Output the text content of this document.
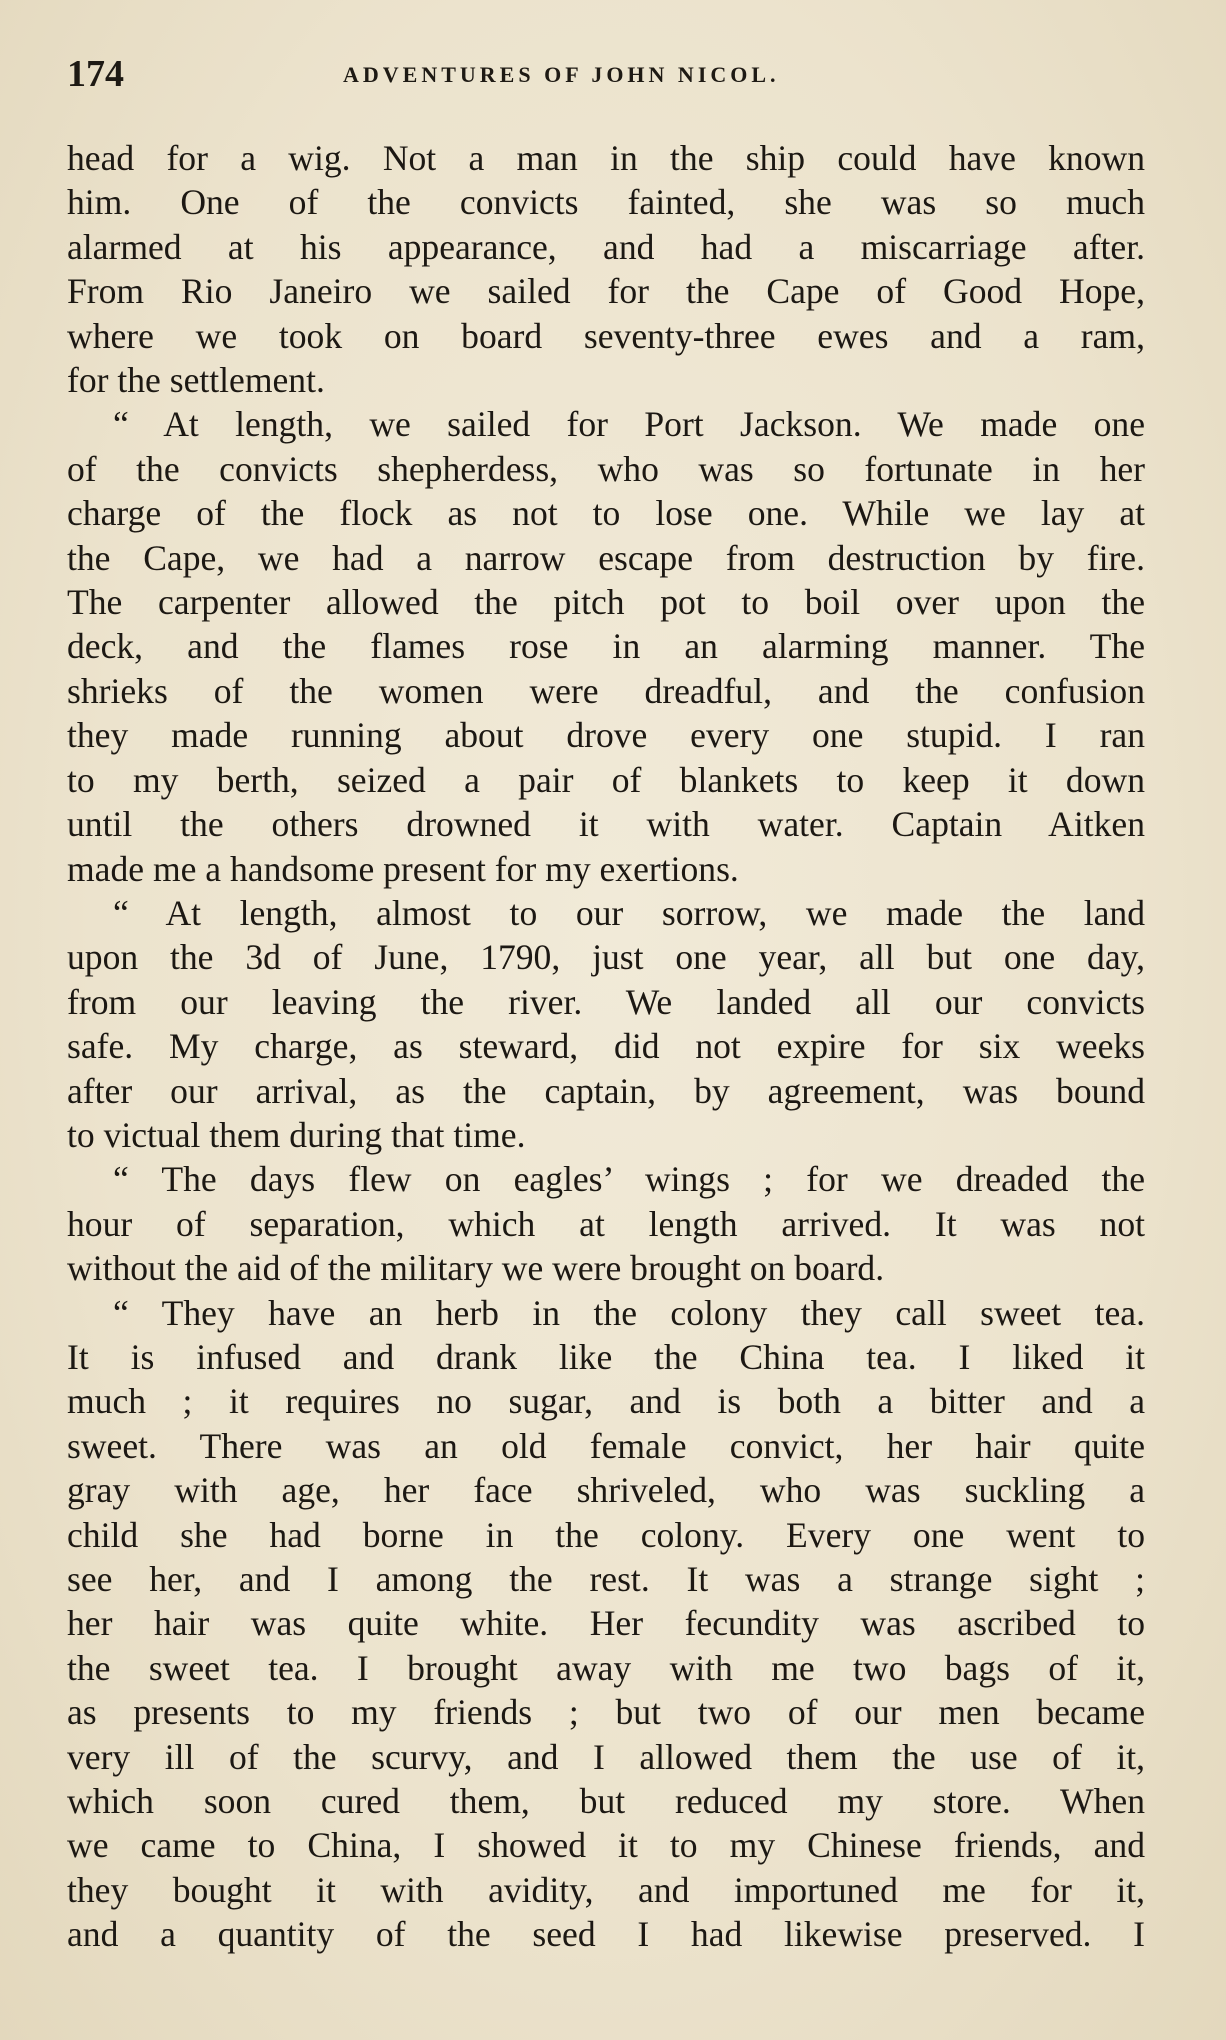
174	ADVENTURES OF JOHN NICOL.
head for a wig. Not a man in the ship could have known
him. One of the convicts fainted, she was so much
alarmed at his appearance, and had a miscarriage after.
From Rio Janeiro we sailed for the Cape of Good Hope,
where we took on board seventy-three ewes and a ram,
for the settlement.
“ At length, we sailed for Port Jackson. We made one
of the convicts shepherdess, who was so fortunate in her
charge of the flock as not to lose one. While we lay at
the Cape, we had a narrow escape from destruction by fire.
The carpenter allowed the pitch pot to boil over upon the
deck, and the flames rose in an alarming manner. The
shrieks of the women were dreadful, and the confusion
they made running about drove every one stupid. I ran
to my berth, seized a pair of blankets to keep it down
until the others drowned it with water. Captain Aitken
made me a handsome present for my exertions.
“ At length, almost to our sorrow, we made the land
upon the 3d of June, 1790, just one year, all but one day,
from our leaving the river. We landed all our convicts
safe. My charge, as steward, did not expire for six weeks
after our arrival, as the captain, by agreement, was bound
to victual them during that time.
“ The days flew on eagles’ wings ; for we dreaded the
hour of separation, which at length arrived. It was not
without the aid of the military we were brought on board.
“ They have an herb in the colony they call sweet tea.
It is infused and drank like the China tea. I liked it
much ; it requires no sugar, and is both a bitter and a
sweet. There was an old female convict, her hair quite
gray with age, her face shriveled, who was suckling a
child she had borne in the colony. Every one went to
see her, and I among the rest. It was a strange sight ;
her hair was quite white. Her fecundity was ascribed to
the sweet tea. I brought away with me two bags of it,
as presents to my friends ; but two of our men became
very ill of the scurvy, and I allowed them the use of it,
which soon cured them, but reduced my store. When
we came to China, I showed it to my Chinese friends, and
they bought it with avidity, and importuned me for it,
and a quantity of the seed I had likewise preserved. I
